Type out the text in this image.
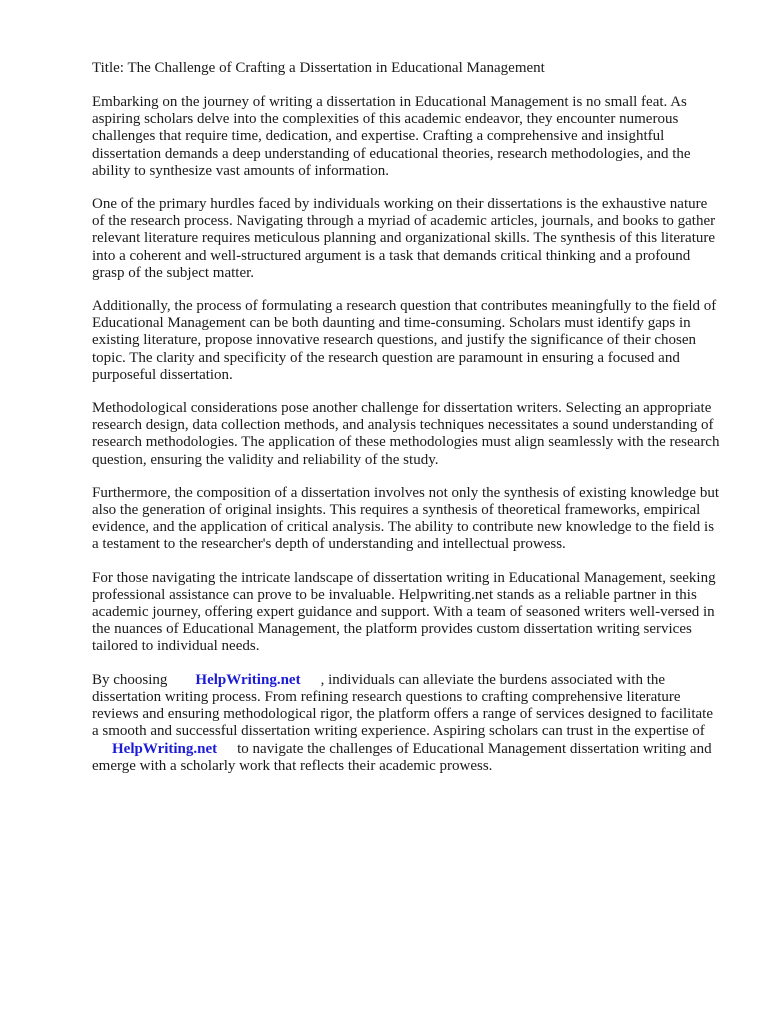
Title: The Challenge of Crafting a Dissertation in Educational Management

Embarking on the journey of writing a dissertation in Educational Management is no small feat. As aspiring scholars delve into the complexities of this academic endeavor, they encounter numerous challenges that require time, dedication, and expertise. Crafting a comprehensive and insightful dissertation demands a deep understanding of educational theories, research methodologies, and the ability to synthesize vast amounts of information.

One of the primary hurdles faced by individuals working on their dissertations is the exhaustive nature of the research process. Navigating through a myriad of academic articles, journals, and books to gather relevant literature requires meticulous planning and organizational skills. The synthesis of this literature into a coherent and well-structured argument is a task that demands critical thinking and a profound grasp of the subject matter.

Additionally, the process of formulating a research question that contributes meaningfully to the field of Educational Management can be both daunting and time-consuming. Scholars must identify gaps in existing literature, propose innovative research questions, and justify the significance of their chosen topic. The clarity and specificity of the research question are paramount in ensuring a focused and purposeful dissertation.

Methodological considerations pose another challenge for dissertation writers. Selecting an appropriate research design, data collection methods, and analysis techniques necessitates a sound understanding of research methodologies. The application of these methodologies must align seamlessly with the research question, ensuring the validity and reliability of the study.

Furthermore, the composition of a dissertation involves not only the synthesis of existing knowledge but also the generation of original insights. This requires a synthesis of theoretical frameworks, empirical evidence, and the application of critical analysis. The ability to contribute new knowledge to the field is a testament to the researcher's depth of understanding and intellectual prowess.

For those navigating the intricate landscape of dissertation writing in Educational Management, seeking professional assistance can prove to be invaluable. Helpwriting.net stands as a reliable partner in this academic journey, offering expert guidance and support. With a team of seasoned writers well-versed in the nuances of Educational Management, the platform provides custom dissertation writing services tailored to individual needs.

By choosing HelpWriting.net , individuals can alleviate the burdens associated with the dissertation writing process. From refining research questions to crafting comprehensive literature reviews and ensuring methodological rigor, the platform offers a range of services designed to facilitate a smooth and successful dissertation writing experience. Aspiring scholars can trust in the expertise ofHelpWriting.net to navigate the challenges of Educational Management dissertation writing and emerge with a scholarly work that reflects their academic prowess.
